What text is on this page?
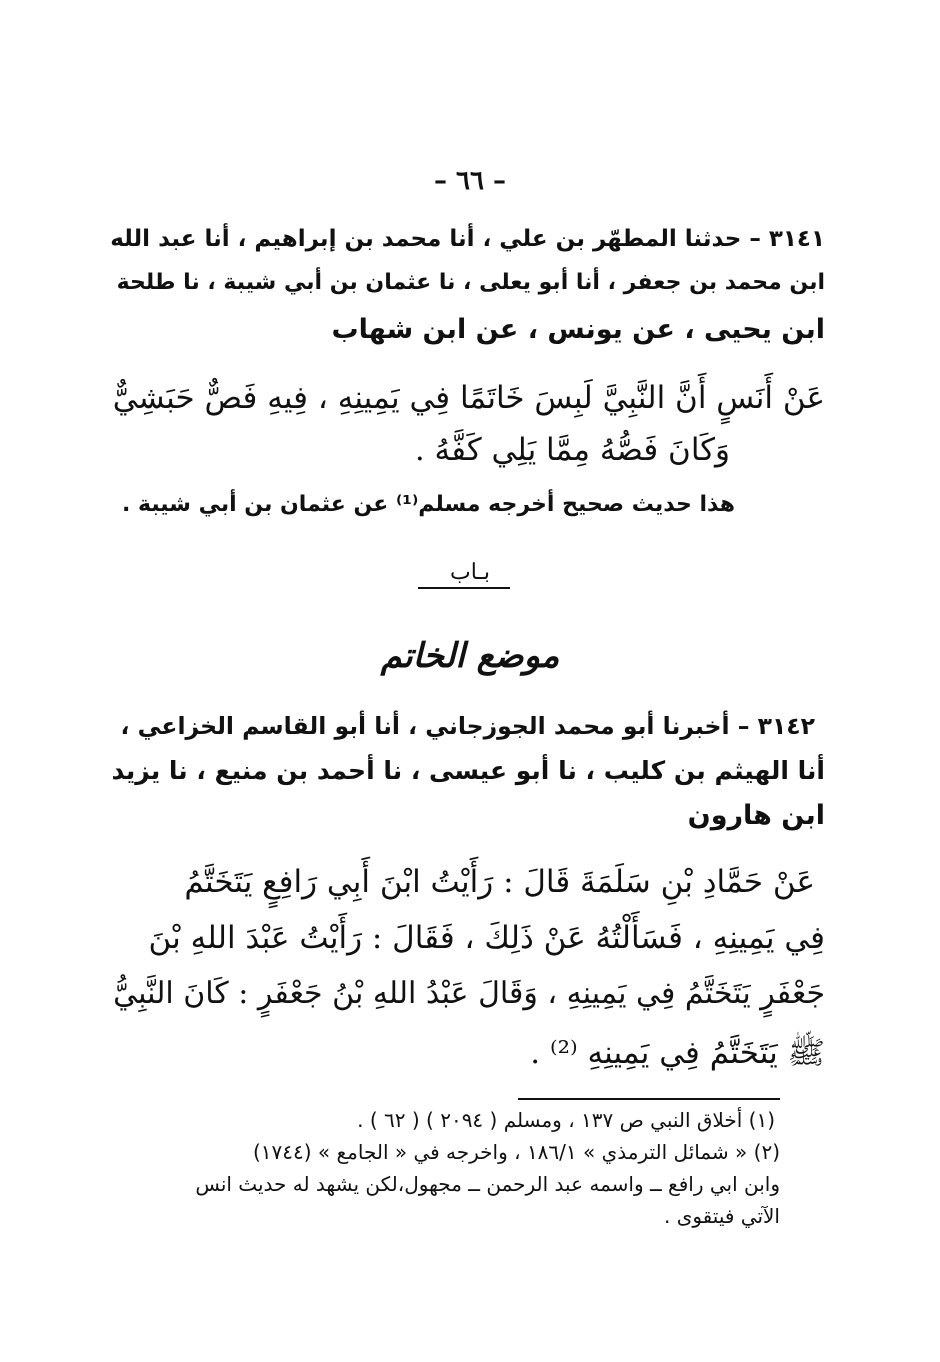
– ٦٦ –
٣١٤١ – حدثنا المطهّر بن علي ، أنا محمد بن إبراهيم ، أنا عبد الله
ابن محمد بن جعفر ، أنا أبو يعلى ، نا عثمان بن أبي شيبة ، نا طلحة
ابن يحيى ، عن يونس ، عن ابن شهاب
عَنْ أَنَسٍ أَنَّ النَّبِيَّ لَبِسَ خَاتَمًا فِي يَمِينِهِ ، فِيهِ فَصٌّ حَبَشِيٌّ
وَكَانَ فَصُّهُ مِمَّا يَلِي كَفَّهُ .
هذا حديث صحيح أخرجه مسلم⁽¹⁾ عن عثمان بن أبي شيبة .
بـاب
موضع الخاتم
٣١٤٢ – أخبرنا أبو محمد الجوزجاني ، أنا أبو القاسم الخزاعي ،
أنا الهيثم بن كليب ، نا أبو عيسى ، نا أحمد بن منيع ، نا يزيد
ابن هارون
عَنْ حَمَّادِ بْنِ سَلَمَةَ قَالَ : رَأَيْتُ ابْنَ أَبِي رَافِعٍ يَتَخَتَّمُ
فِي يَمِينِهِ ، فَسَأَلْتُهُ عَنْ ذَلِكَ ، فَقَالَ : رَأَيْتُ عَبْدَ اللهِ بْنَ
جَعْفَرٍ يَتَخَتَّمُ فِي يَمِينِهِ ، وَقَالَ عَبْدُ اللهِ بْنُ جَعْفَرٍ : كَانَ النَّبِيُّ
ﷺ يَتَخَتَّمُ فِي يَمِينِهِ ⁽²⁾ .
(١) أخلاق النبي ص ١٣٧ ، ومسلم ( ٢٠٩٤ ) ( ٦٢ ) .
(٢) « شمائل الترمذي » ١٨٦/١ ، واخرجه في « الجامع » (١٧٤٤)
وابن ابي رافع ــ واسمه عبد الرحمن ــ مجهول،لكن يشهد له حديث انس
الآتي فيتقوى .
